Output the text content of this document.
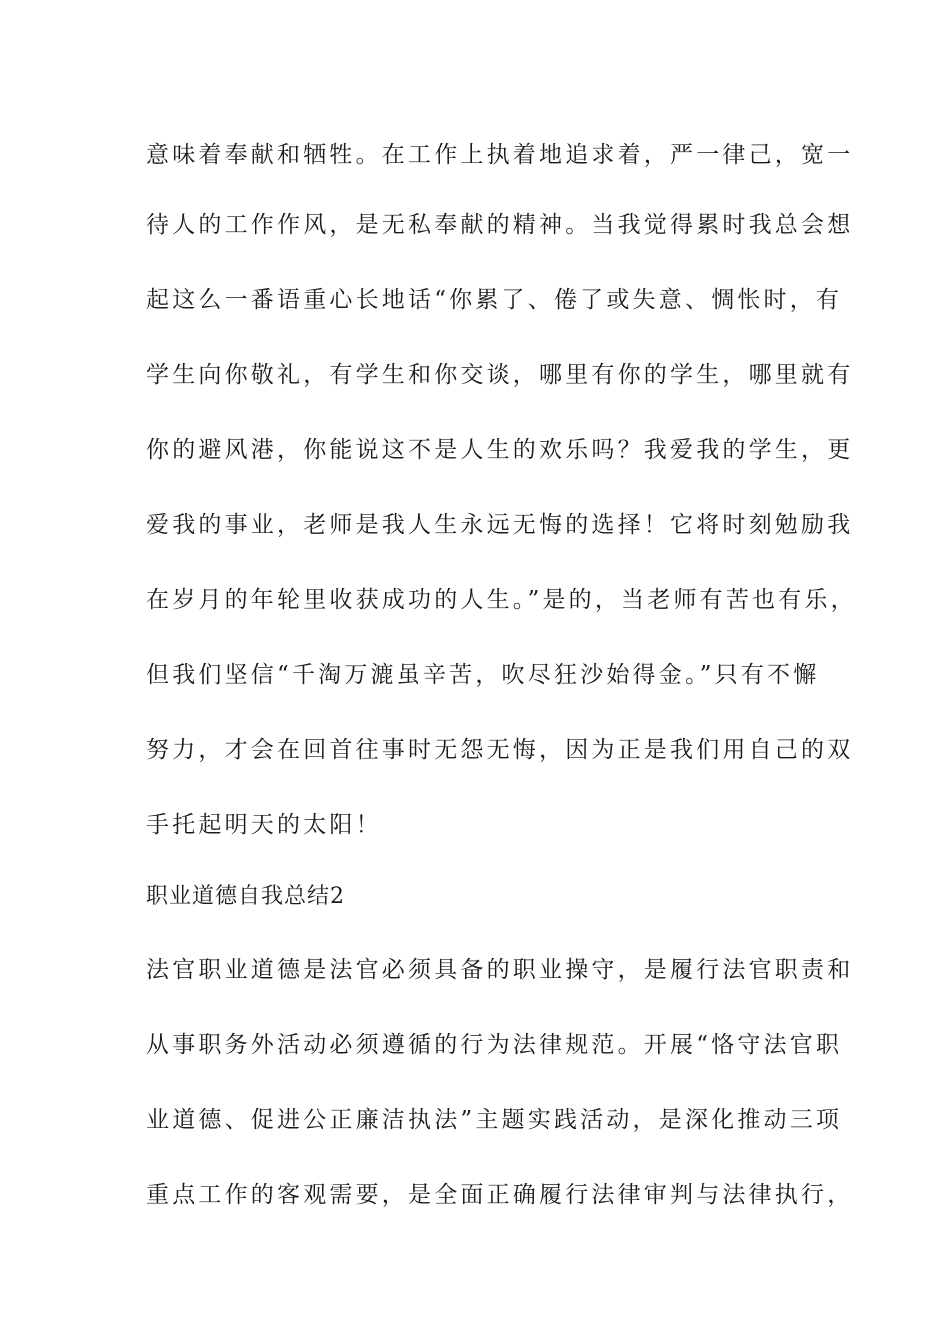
意味着奉献和牺牲。在工作上执着地追求着，严一律己，宽一
待人的工作作风，是无私奉献的精神。当我觉得累时我总会想
起这么一番语重心长地话“你累了、倦了或失意、惆怅时，有
学生向你敬礼，有学生和你交谈，哪里有你的学生，哪里就有
你的避风港，你能说这不是人生的欢乐吗？我爱我的学生，更
爱我的事业，老师是我人生永远无悔的选择！它将时刻勉励我
在岁月的年轮里收获成功的人生。”是的，当老师有苦也有乐，
但我们坚信“千淘万漉虽辛苦，吹尽狂沙始得金。”只有不懈
努力，才会在回首往事时无怨无悔，因为正是我们用自己的双
手托起明天的太阳！
职业道德自我总结2
法官职业道德是法官必须具备的职业操守，是履行法官职责和
从事职务外活动必须遵循的行为法律规范。开展“恪守法官职
业道德、促进公正廉洁执法”主题实践活动，是深化推动三项
重点工作的客观需要，是全面正确履行法律审判与法律执行，
